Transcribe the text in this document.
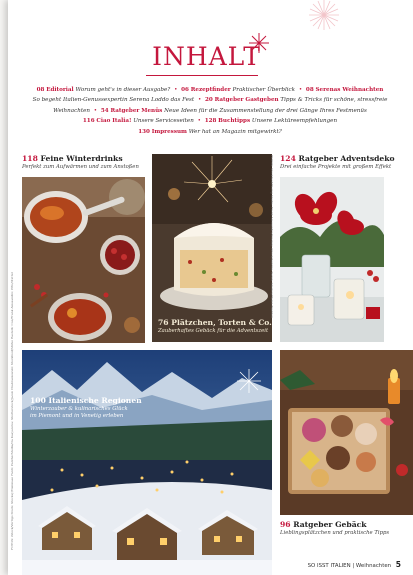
INHALT
08 Editorial Worum geht's in dieser Ausgabe? • 06 Rezeptfinder Praktischer Überblick • 08 Serenas Weihnachten
So begeht Italien-Genussexpertin Serena Loddo das Fest • 20 Ratgeber Gastgeben Tipps & Tricks für schöne, stressfreie
Weihnachten • 54 Ratgeber Menüs Neue Ideen für die Zusammenstellung der drei Gänge Ihres Festmenüs
116 Ciao Italia! Unsere Serviceseiten • 128 Buchtipps Unsere Lektüreempfehlungen
130 Impressum Wer hat an Magazin mitgewirkt?
118 Feine Winterdrinks
Perfekt zum Aufwärmen und zum Anstoßen
76 Plätzchen, Torten & Co.
Zauberhaftes Gebäck für die Adventszeit
124 Ratgeber Adventsdeko
Drei einfache Projekte mit großem Effekt
100 Italienische Regionen
Winterzauber & kulinarisches Glück
im Piemont und in Venetig erleben
96 Ratgeber Gebäck
Lieblingsplätzchen und praktische Tipps
FOTOS: iStock/Vertigo Stock; Stocksy/Tommaso Fanti; PantherMedia/Ira Kasyanova; Shutterstock/Jacek Chabraszewski; Stockfood/Mirko Rastelli; Coe/Frank Alessandro; PBL/Mutter
FOTOS: Stockfood/Eising Studio; Frank Alessandro/Stocksy; iStock/Sabrina Tazun; Stocksy/Helen Rushton
SO ISST ITALIEN | Weihnachten 5
